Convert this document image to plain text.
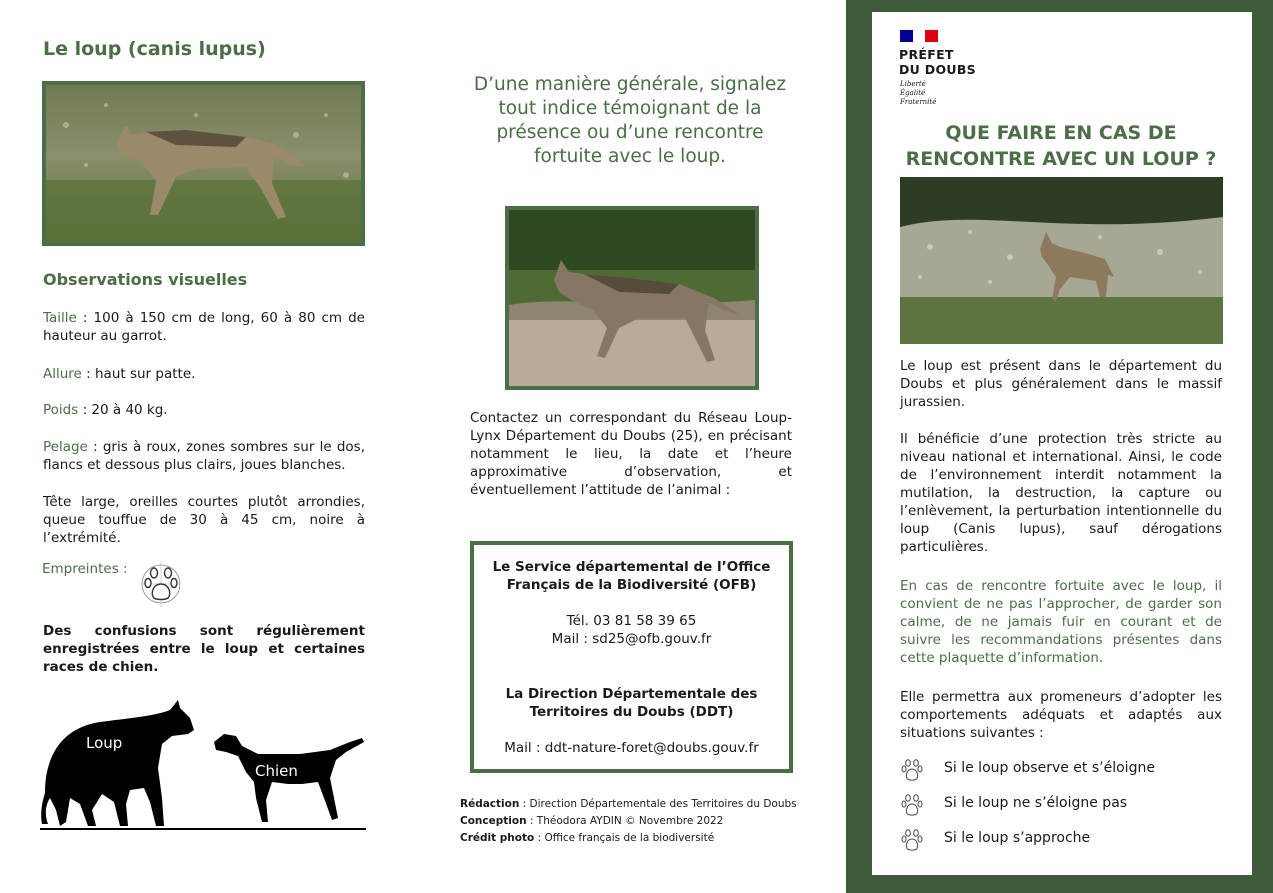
Le loup (canis lupus)
Observations visuelles
Taille : 100 à 150 cm de long, 60 à 80 cm de hauteur au garrot.
Allure : haut sur patte.
Poids : 20 à 40 kg.
Pelage : gris à roux, zones sombres sur le dos, flancs et dessous plus clairs, joues blanches.
Tête large, oreilles courtes plutôt arrondies, queue touffue de 30 à 45 cm, noire à l’extrémité.
Empreintes :
Des confusions sont régulièrement enregistrées entre le loup et certaines races de chien.
Loup
Chien
D’une manière générale, signalez tout indice témoignant de la présence ou d’une rencontre fortuite avec le loup.
Contactez un correspondant du Réseau Loup-Lynx Département du Doubs (25), en précisant notamment le lieu, la date et l’heure approximative d’observation, et éventuellement l’attitude de l’animal :
Le Service départemental de l’Office Français de la Biodiversité (OFB)
Tél. 03 81 58 39 65
Mail : sd25@ofb.gouv.fr
La Direction Départementale des Territoires du Doubs (DDT)
Mail : ddt-nature-foret@doubs.gouv.fr
Rédaction : Direction Départementale des Territoires du Doubs
Conception : Théodora AYDIN © Novembre 2022
Crédit photo : Office français de la biodiversité
PRÉFET
DU DOUBS
Liberté
Égalité
Fraternité
QUE FAIRE EN CAS DE RENCONTRE AVEC UN LOUP ?
Le loup est présent dans le département du Doubs et plus généralement dans le massif jurassien.
Il bénéficie d’une protection très stricte au niveau national et international. Ainsi, le code de l’environnement interdit notamment la mutilation, la destruction, la capture ou l’enlèvement, la perturbation intentionnelle du loup (Canis lupus), sauf dérogations particulières.
En cas de rencontre fortuite avec le loup, il convient de ne pas l’approcher, de garder son calme, de ne jamais fuir en courant et de suivre les recommandations présentes dans cette plaquette d’information.
Elle permettra aux promeneurs d’adopter les comportements adéquats et adaptés aux situations suivantes :
Si le loup observe et s’éloigne
Si le loup ne s’éloigne pas
Si le loup s’approche
